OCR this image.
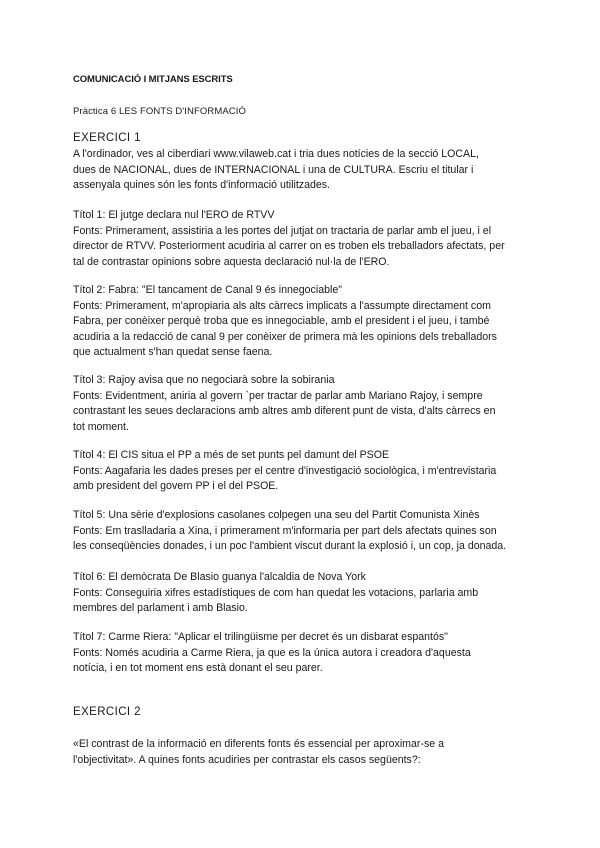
COMUNICACIÓ I MITJANS ESCRITS
Pràctica 6 LES FONTS D'INFORMACIÓ
EXERCICI 1

A l'ordinador, ves al ciberdiari www.vilaweb.cat i tria dues notícies de la secció LOCAL,

dues de NACIONAL, dues de INTERNACIONAL i una de CULTURA. Escriu el titular i

assenyala quines són les fonts d'informació utilitzades.

Títol 1: El jutge declara nul l'ERO de RTVV

Fonts: Primerament, assistiria a les portes del jutjat on tractaria de parlar amb el jueu, i el

director de RTVV. Posteriorment acudiria al carrer on es troben els treballadors afectats, per

tal de contrastar opinions sobre aquesta declaració nul·la de l'ERO.

Títol 2: Fabra: "El tancament de Canal 9 és innegociable"

Fonts: Primerament, m'apropiaria als alts càrrecs implicats a l'assumpte directament com

Fabra, per conèixer perquè troba que es innegociable, amb el president i el jueu, i també

acudiria a la redacció de canal 9 per conèixer de primera mà les opinions dels treballadors

que actualment s'han quedat sense faena.

Títol 3: Rajoy avisa que no negociarà sobre la sobirania

Fonts: Evidentment, aniria al govern `per tractar de parlar amb Mariano Rajoy, i sempre

contrastant les seues declaracions amb altres amb diferent punt de vista, d'alts càrrecs en

tot moment.

Títol 4: El CIS situa el PP a més de set punts pel damunt del PSOE

Fonts: Aagafaria les dades preses per el centre d'investigació sociològica, i m'entrevistaria

amb president del govern PP i el del PSOE.

Títol 5: Una sèrie d'explosions casolanes colpegen una seu del Partit Comunista Xinès

Fonts: Em traslladaria a Xina, i primerament m'informaria per part dels afectats quines son

les conseqüències donades, i un poc l'ambient viscut durant la explosió i, un cop, ja donada.

Títol 6: El demòcrata De Blasio guanya l'alcaldia de Nova York

Fonts: Conseguiria xifres estadístiques de com han quedat les votacions, parlaria amb

membres del parlament i amb Blasio.

Títol 7: Carme Riera: "Aplicar el trilingüisme per decret és un disbarat espantós"

Fonts: Només acudiria a Carme Riera, ja que es la única autora i creadora d'aquesta

notícia, i en tot moment ens està donant el seu parer.

EXERCICI 2

«El contrast de la informació en diferents fonts és essencial per aproximar-se a

l'objectivitat». A quines fonts acudiries per contrastar els casos següents?:
